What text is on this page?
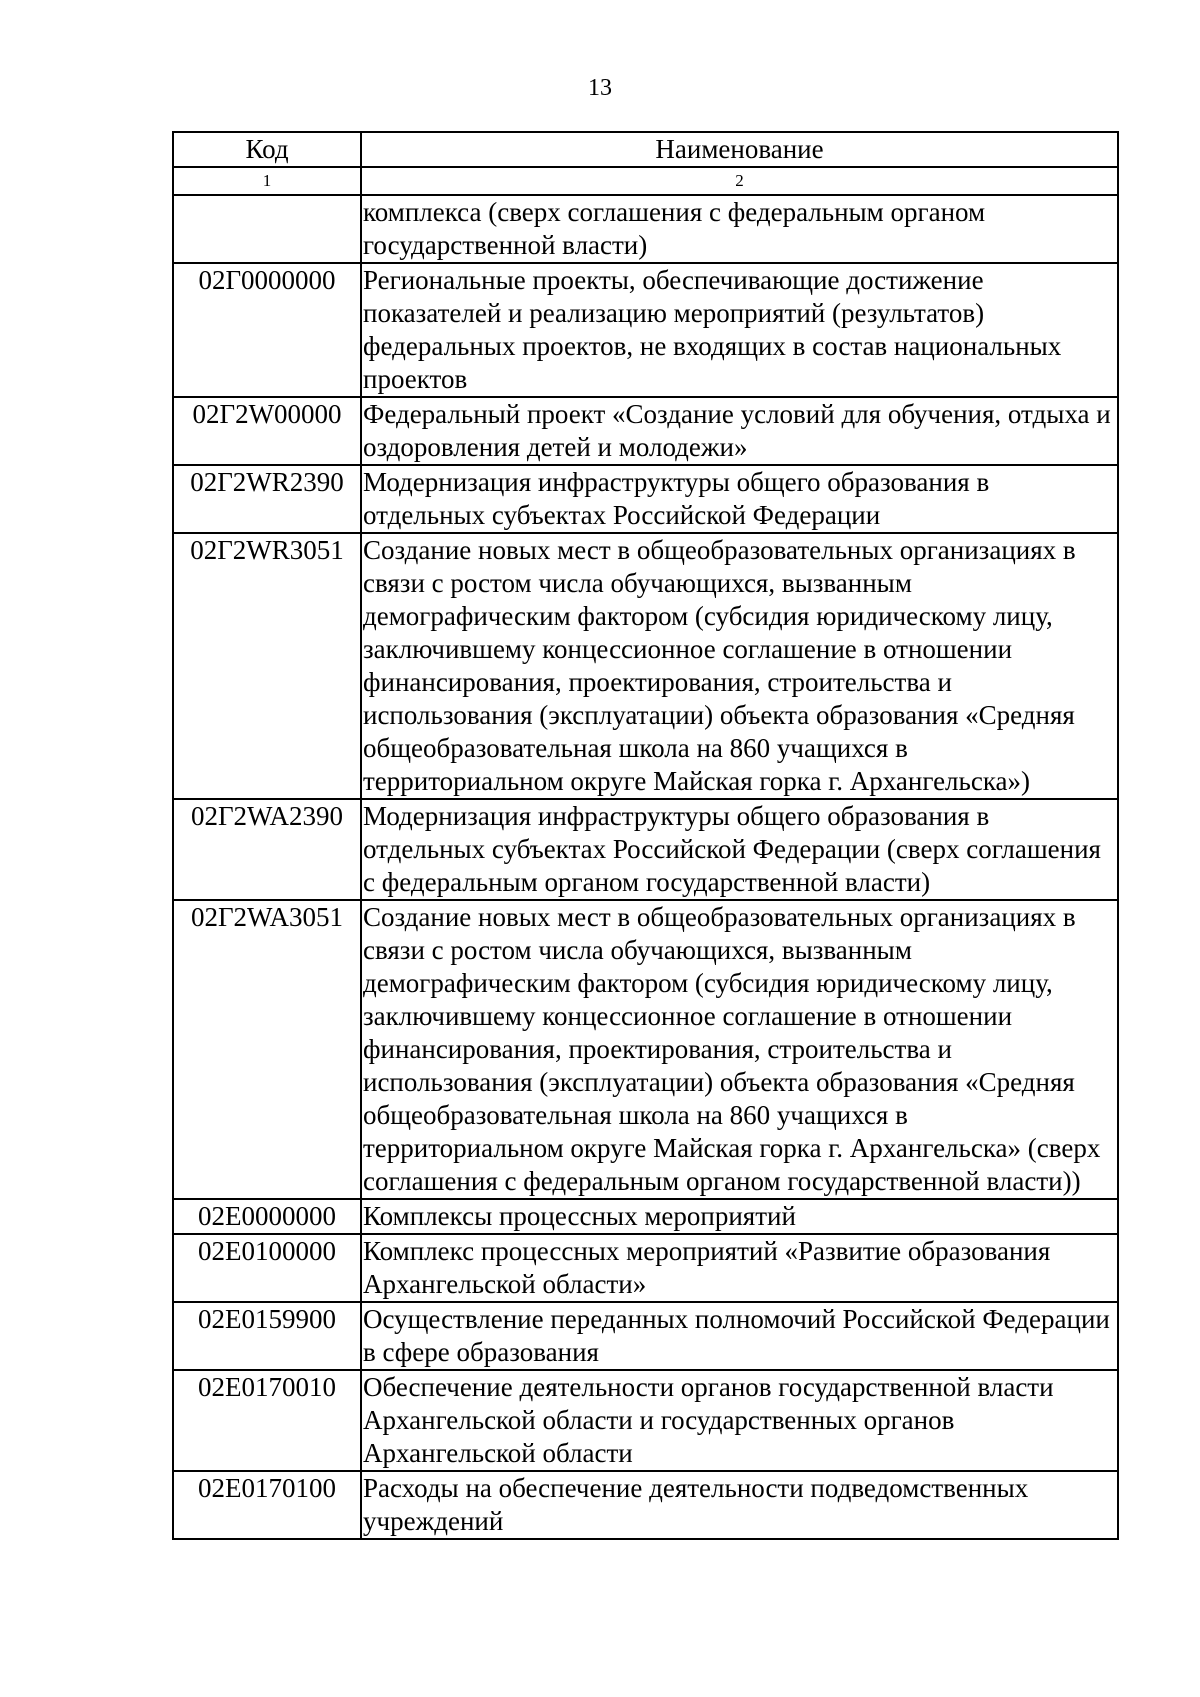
13
Код	Наименование
1	2
	комплекса (сверх соглашения с федеральным органом государственной власти)
02Г0000000	Региональные проекты, обеспечивающие достижение показателей и реализацию мероприятий (результатов) федеральных проектов, не входящих в состав национальных проектов
02Г2W00000	Федеральный проект «Создание условий для обучения, отдыха и оздоровления детей и молодежи»
02Г2WR2390	Модернизация инфраструктуры общего образования в отдельных субъектах Российской Федерации
02Г2WR3051	Создание новых мест в общеобразовательных организациях в связи с ростом числа обучающихся, вызванным демографическим фактором (субсидия юридическому лицу, заключившему концессионное соглашение в отношении финансирования, проектирования, строительства и использования (эксплуатации) объекта образования «Средняя общеобразовательная школа на 860 учащихся в территориальном округе Майская горка г. Архангельска»)
02Г2WA2390	Модернизация инфраструктуры общего образования в отдельных субъектах Российской Федерации (сверх соглашения с федеральным органом государственной власти)
02Г2WA3051	Создание новых мест в общеобразовательных организациях в связи с ростом числа обучающихся, вызванным демографическим фактором (субсидия юридическому лицу, заключившему концессионное соглашение в отношении финансирования, проектирования, строительства и использования (эксплуатации) объекта образования «Средняя общеобразовательная школа на 860 учащихся в территориальном округе Майская горка г. Архангельска» (сверх соглашения с федеральным органом государственной власти))
02Е0000000	Комплексы процессных мероприятий
02Е0100000	Комплекс процессных мероприятий «Развитие образования Архангельской области»
02Е0159900	Осуществление переданных полномочий Российской Федерации в сфере образования
02Е0170010	Обеспечение деятельности органов государственной власти Архангельской области и государственных органов Архангельской области
02Е0170100	Расходы на обеспечение деятельности подведомственных учреждений
